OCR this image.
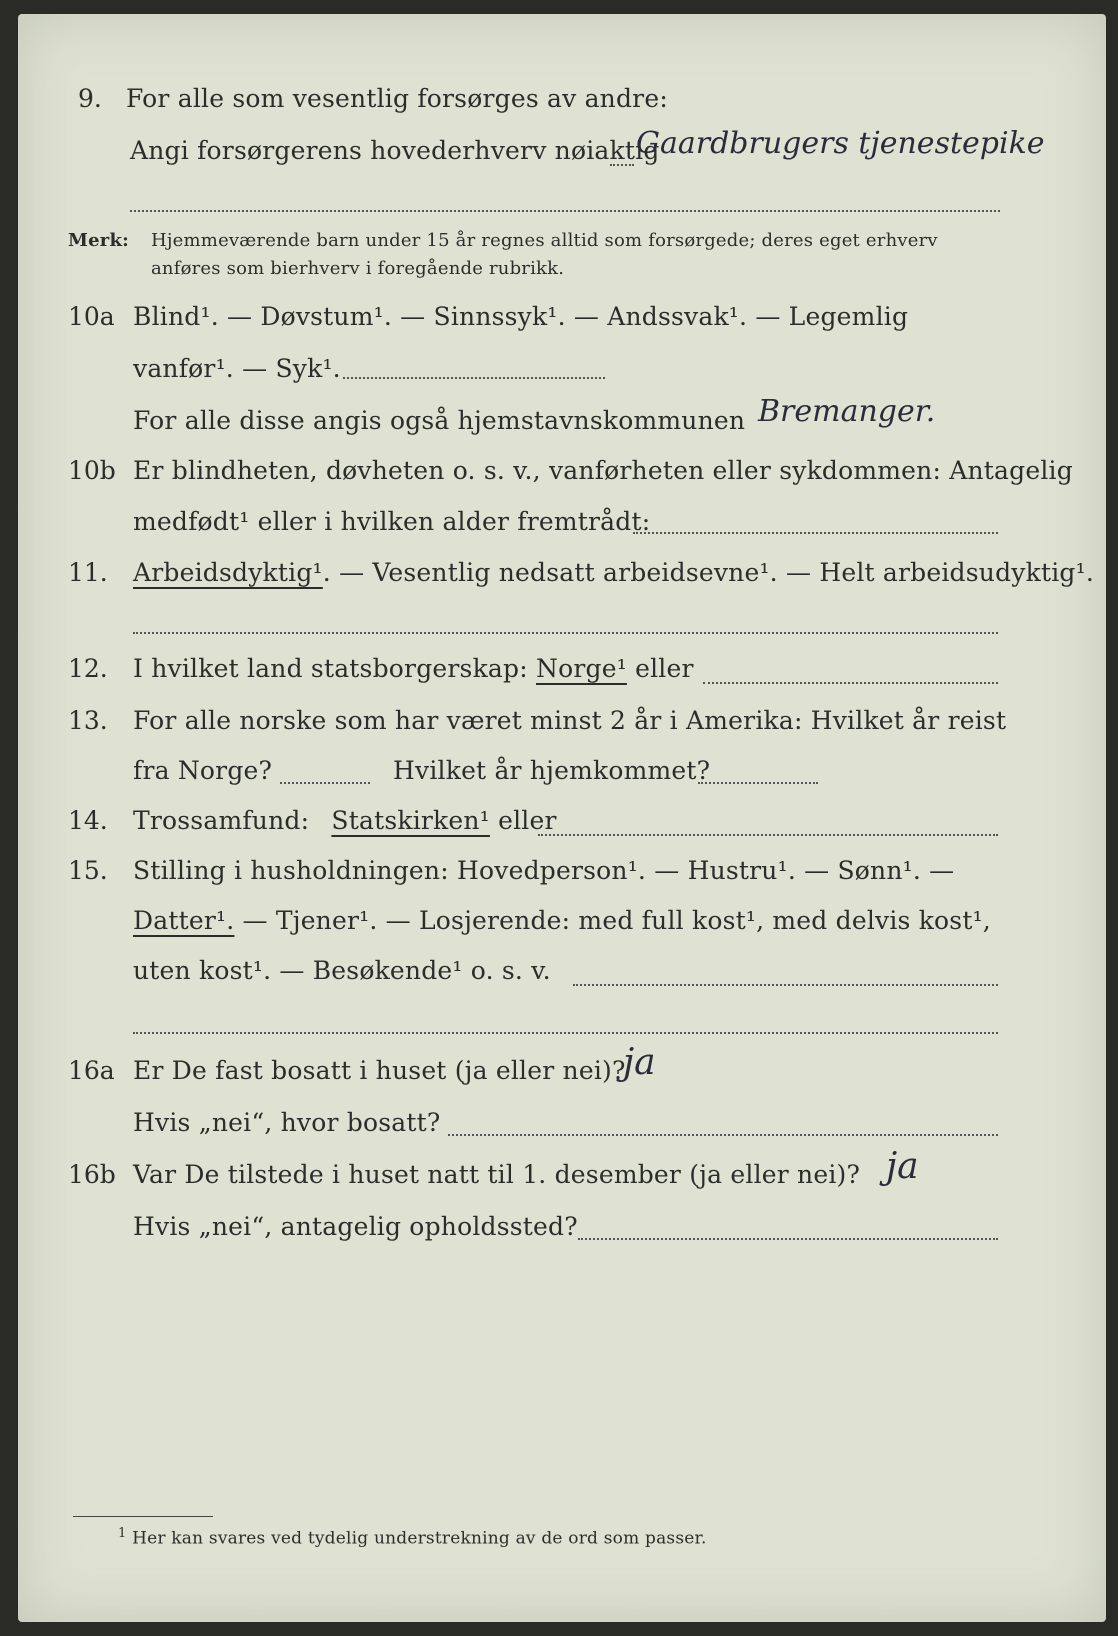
9. For alle som vesentlig forsørges av andre:
Angi forsørgerens hovederhverv nøiaktig
Gaardbrugers tjenestepike
Merk: Hjemmeværende barn under 15 år regnes alltid som forsørgede; deres eget erhverv
anføres som bierhverv i foregående rubrikk.
10a Blind¹. — Døvstum¹. — Sinnssyk¹. — Andssvak¹. — Legemlig
vanfør¹. — Syk¹.
For alle disse angis også hjemstavnskommunen Bremanger.
10b Er blindheten, døvheten o. s. v., vanførheten eller sykdommen: Antagelig
medfødt¹ eller i hvilken alder fremtrådt:
11. Arbeidsdyktig¹. — Vesentlig nedsatt arbeidsevne¹. — Helt arbeidsudyktig¹.
12. I hvilket land statsborgerskap: Norge¹ eller
13. For alle norske som har været minst 2 år i Amerika: Hvilket år reist
fra Norge?	Hvilket år hjemkommet?
14. Trossamfund: Statskirken¹ eller
15. Stilling i husholdningen: Hovedperson¹. — Hustru¹. — Sønn¹. —
Datter¹. — Tjener¹. — Losjerende: med full kost¹, med delvis kost¹,
uten kost¹. — Besøkende¹ o. s. v.
16a Er De fast bosatt i huset (ja eller nei)?
ja
Hvis „nei“, hvor bosatt?
16b Var De tilstede i huset natt til 1. desember (ja eller nei)? ja
Hvis „nei“, antagelig opholdssted?
$^1$ Her kan svares ved tydelig understrekning av de ord som passer.
